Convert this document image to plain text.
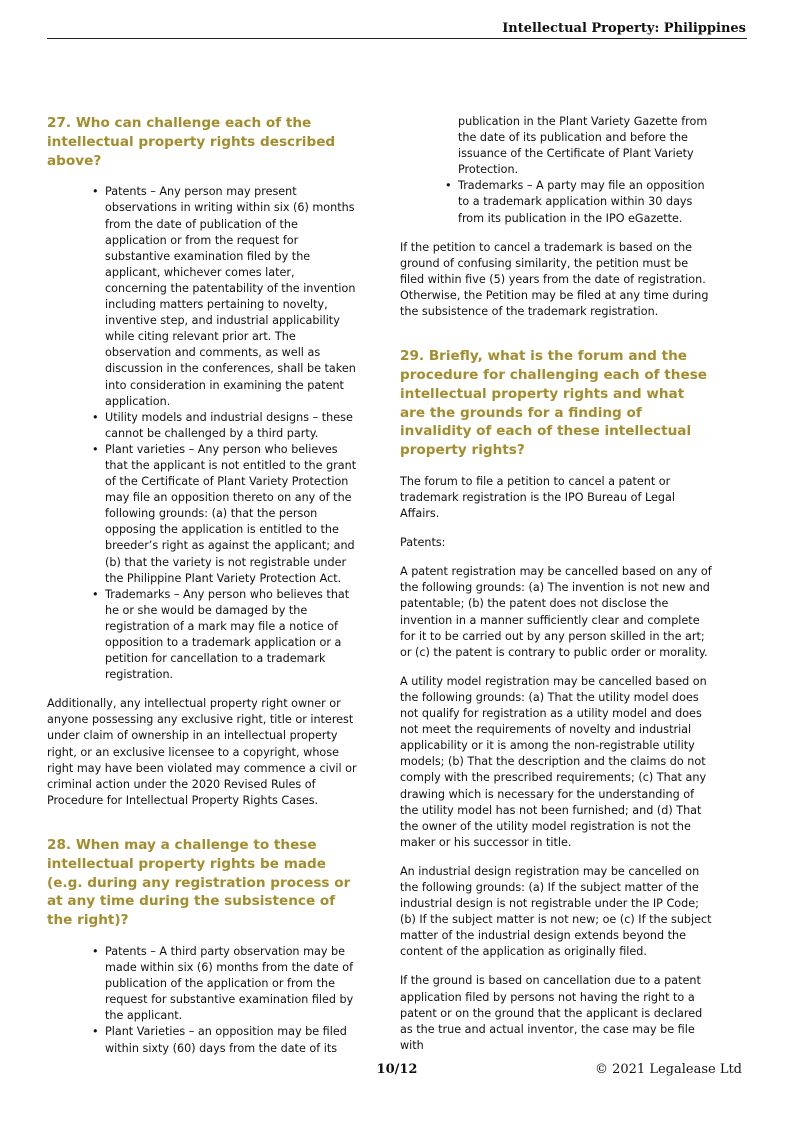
Intellectual Property: Philippines
27. Who can challenge each of the intellectual property rights described above?
• Patents – Any person may present observations in writing within six (6) months from the date of publication of the application or from the request for substantive examination filed by the applicant, whichever comes later, concerning the patentability of the invention including matters pertaining to novelty, inventive step, and industrial applicability while citing relevant prior art. The observation and comments, as well as discussion in the conferences, shall be taken into consideration in examining the patent application.
• Utility models and industrial designs – these cannot be challenged by a third party.
• Plant varieties – Any person who believes that the applicant is not entitled to the grant of the Certificate of Plant Variety Protection may file an opposition thereto on any of the following grounds: (a) that the person opposing the application is entitled to the breeder’s right as against the applicant; and (b) that the variety is not registrable under the Philippine Plant Variety Protection Act.
• Trademarks – Any person who believes that he or she would be damaged by the registration of a mark may file a notice of opposition to a trademark application or a petition for cancellation to a trademark registration.
Additionally, any intellectual property right owner or anyone possessing any exclusive right, title or interest under claim of ownership in an intellectual property right, or an exclusive licensee to a copyright, whose right may have been violated may commence a civil or criminal action under the 2020 Revised Rules of Procedure for Intellectual Property Rights Cases.
28. When may a challenge to these intellectual property rights be made (e.g. during any registration process or at any time during the subsistence of the right)?
• Patents – A third party observation may be made within six (6) months from the date of publication of the application or from the request for substantive examination filed by the applicant.
• Plant Varieties – an opposition may be filed within sixty (60) days from the date of its
publication in the Plant Variety Gazette from the date of its publication and before the issuance of the Certificate of Plant Variety Protection.
• Trademarks – A party may file an opposition to a trademark application within 30 days from its publication in the IPO eGazette.
If the petition to cancel a trademark is based on the ground of confusing similarity, the petition must be filed within five (5) years from the date of registration. Otherwise, the Petition may be filed at any time during the subsistence of the trademark registration.
29. Briefly, what is the forum and the procedure for challenging each of these intellectual property rights and what are the grounds for a finding of invalidity of each of these intellectual property rights?
The forum to file a petition to cancel a patent or trademark registration is the IPO Bureau of Legal Affairs.
Patents:
A patent registration may be cancelled based on any of the following grounds: (a) The invention is not new and patentable; (b) the patent does not disclose the invention in a manner sufficiently clear and complete for it to be carried out by any person skilled in the art; or (c) the patent is contrary to public order or morality.
A utility model registration may be cancelled based on the following grounds: (a) That the utility model does not qualify for registration as a utility model and does not meet the requirements of novelty and industrial applicability or it is among the non-registrable utility models; (b) That the description and the claims do not comply with the prescribed requirements; (c) That any drawing which is necessary for the understanding of the utility model has not been furnished; and (d) That the owner of the utility model registration is not the maker or his successor in title.
An industrial design registration may be cancelled on the following grounds: (a) If the subject matter of the industrial design is not registrable under the IP Code; (b) If the subject matter is not new; oe (c) If the subject matter of the industrial design extends beyond the content of the application as originally filed.
If the ground is based on cancellation due to a patent application filed by persons not having the right to a patent or on the ground that the applicant is declared as the true and actual inventor, the case may be file with
10/12	© 2021 Legalease Ltd
